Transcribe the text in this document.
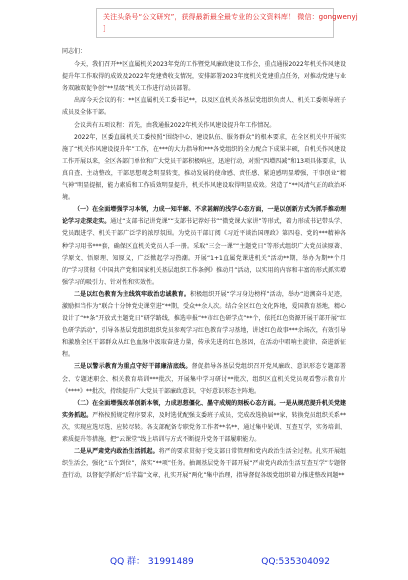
关注头条号“公文研究”，获得最新最全最专业的公文资料库！ 微信：gongwenyj
］

同志们：

今天，我们召开**区直属机关2023年党的工作暨党风廉政建设工作会，重点通报2022年机关作风建设提升年工作取得的成效及2022年党建费收支情况，安排部署2023年度机关党建重点任务，对推动党建与业务双融双促争创“**星级”机关工作进行动员部署。

出席今天会议的有：**区直属机关工委书记**，以及区直机关各基层党组织负责人、机关工委领导班子成员及全体干部。

会议共有五项议程：首先，由我通报2022年机关作风建设提升年工作情况。

2022年，区委直属机关工委按照“围绕中心、建设队伍、服务群众”的根本要求，在全区机关中开展实施了“机关作风建设提升年”工作，在***的大力指导和***各党组织的全力配合下成果丰硕，自机关作风建设工作开展以来，全区各部门单位和广大党员干部积极响应，迅速行动，对照“四增四减”和13项具体要求，认真自查、主动整改，干部思想观念明显转变，推动发展的使命感、责任感、紧迫感明显增强，干事创业“精气神”明显提振，能力素质和工作质效明显提升，机关作风建设取得明显成效。营造了“**风清气正的政治环境。

（一）在全面增强学习本领，力成一知半解、不求甚解的浅学心态方面，一是以创新方式为抓手推动理论学习走深走实。通过“支部书记讲党课”“支部书记荐好书”“微党课大家讲”等形式，着力形成书记带头学、党员跟进学、机关干部广泛学的浓厚氛围。为党员干部订阅《习近平谈治国理政》第四卷、党的***精神各种学习用书***套，确保区直机关党员人手一册。采取“三会一课”“主题党日”等形式组织广大党员读原著、学原文、悟原理、知原义，广泛掀起学习热潮。开展“1+1直属党课进机关”活动**期，举办为期**个月的“学习贯彻《中国共产党和国家机关基层组织工作条例》推动月”活动，以实用的内容和丰富的形式抓实增强学习的吸引力、针对性和实效性。

二是以红色教育为主线筑牢政治忠诚教育。积极组织开展“学习身边榜样”活动，举办“追溯奋斗足迹，激励担当作为”联合十分钟党史课堂进“**期，受众**余人次。结合全区红色文化阵地，爱国教育基地，精心设计了“**条”开放式主题党日”研学路线，推选申报“**市红色研学点”**个，依托红色资源开展干部开展“红色研学活动”，引导各基层党组织组织党员参观学习红色教育学习基地，讲述红色故事***余场次，有效引导和激励全区干部群众从红色血脉中汲取奋进力量，传承先进的红色基因，在活动中唱响主旋律、奋进新征程。

三是以警示教育为重点守好干部廉洁底线。督促指导各基层党组织召开党风廉政、意识形态专题部署会、专题述职会、相关教育培训***批次，开展集中学习研讨**批次，组织区直机关党员观看警示教育片《****》**批次，持续提升广大党员干部廉政意识，守好意识形态主阵地。

（二）在全面增强改革创新本领，力成思想僵化、墨守成规的刻板心态方面。一是从规范提升机关党建实务抓起。严格按照规定程序要求，及时选优配强支委班子成员，完成改选换届**家，转换党员组织关系**次，实现应选尽选、应转尽转。各支部配备专职党务工作者**名**，通过集中轮训、互查互学，实务培训、素质提升等措施，把“云课堂”线上培训与方式不断提升党务干部履职能力。

二是从严肃党内政治生活抓起。将严的要求贯彻于党支部日常管理和党内政治生活全过程。扎实开展组织生活会，强化“五个到位”，落实“**项”任务。抽调基层党务干部开展“严肃党内政治生活互查互学”专题督查行动，以督促学抓好“后半篇”文章，扎实开展“两化”集中治理，指导督促各级党组织着力推进整改问题**

QQ 群： 31991489	QQ:535304092
